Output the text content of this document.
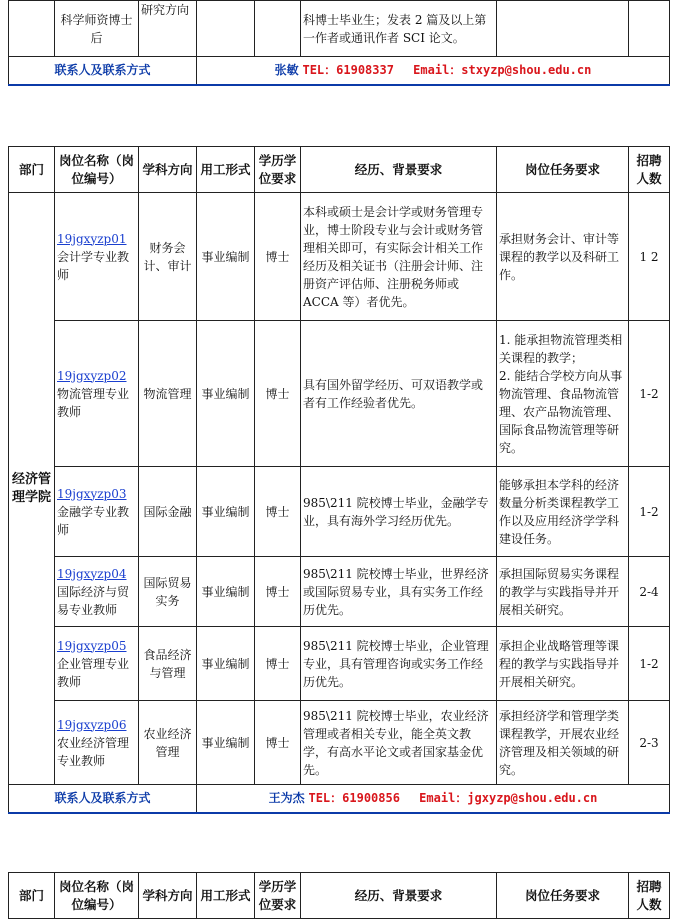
	科学师资博士后	研究方向			科博士毕业生；发表 2 篇及以上第一作者或通讯作者 SCI 论文。		
联系人及联系方式			张敏 TEL：61908337　 Email：stxyzp@shou.edu.cn				
部门	岗位名称（岗位编号）	学科方向	用工形式	学历学位要求	经历、背景要求	岗位任务要求	招聘人数
经济管理学院	19jgxyzp01会计学专业教师	财务会计、审计	事业编制	博士	本科或硕士是会计学或财务管理专业，博士阶段专业与会计或财务管理相关即可，有实际会计相关工作经历及相关证书（注册会计师、注册资产评估师、注册税务师或ACCA 等）者优先。	承担财务会计、审计等课程的教学以及科研工作。	1 2
	19jgxyzp02物流管理专业教师	物流管理	事业编制	博士	具有国外留学经历、可双语教学或者有工作经验者优先。	1. 能承担物流管理类相关课程的教学；
2. 能结合学校方向从事物流管理、食品物流管理、农产品物流管理、国际食品物流管理等研究。	1-2
	19jgxyzp03金融学专业教师	国际金融	事业编制	博士	985\211 院校博士毕业，金融学专业，具有海外学习经历优先。	能够承担本学科的经济数量分析类课程教学工作以及应用经济学学科建设任务。	1-2
	19jgxyzp04国际经济与贸易专业教师	国际贸易实务	事业编制	博士	985\211 院校博士毕业，世界经济或国际贸易专业，具有实务工作经历优先。	承担国际贸易实务课程的教学与实践指导并开展相关研究。	2-4
	19jgxyzp05企业管理专业教师	食品经济与管理	事业编制	博士	985\211 院校博士毕业，企业管理专业，具有管理咨询或实务工作经历优先。	承担企业战略管理等课程的教学与实践指导并开展相关研究。	1-2
	19jgxyzp06农业经济管理专业教师	农业经济管理	事业编制	博士	985\211 院校博士毕业，农业经济管理或者相关专业，能全英文教学，有高水平论文或者国家基金优先。	承担经济学和管理学类课程教学，开展农业经济管理及相关领域的研究。	2-3
联系人及联系方式			王为杰 TEL：61900856　 Email：jgxyzp@shou.edu.cn				
部门	岗位名称（岗位编号）	学科方向	用工形式	学历学位要求	经历、背景要求	岗位任务要求	招聘人数
